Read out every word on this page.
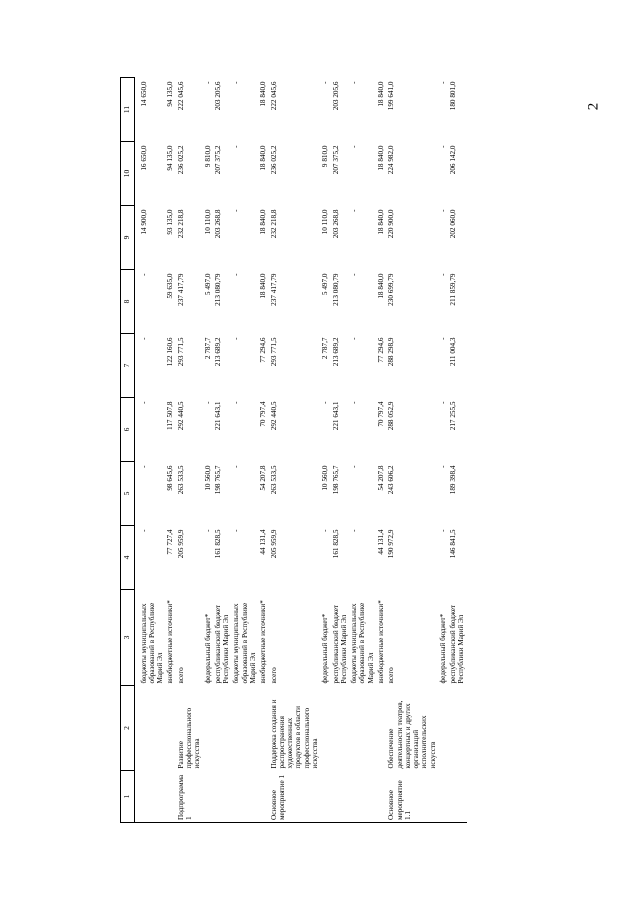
2
1	2	3	4	5	6	7	8	9	10	11
		бюджеты муниципальных образований в Республике Марий Эл	-	-	-	-	-	14 900,0	16 650,0	14 650,0
		внебюджетные источники*	77 727,4	98 645,6	117 507,8	122 160,6	59 635,0	93 135,0	94 135,0	94 135,0
Подпрограмма 1	Развитие профессионального искусства	всего	205 959,9	263 533,5	292 440,5	293 771,5	237 417,79	232 218,8	236 025,2	222 045,6
		федеральный бюджет*	-	10 560,0	-	2 787,7	5 497,0	10 110,0	9 810,0	-
		республиканский бюджет Республики Марий Эл	161 828,5	198 765,7	221 643,1	213 689,2	213 080,79	203 268,8	207 375,2	203 205,6
		бюджеты муниципальных образований в Республике Марий Эл	-	-	-	-	-	-	-	-
		внебюджетные источники*	44 131,4	54 207,8	70 797,4	77 294,6	18 840,0	18 840,0	18 840,0	18 840,0
Основное мероприятие 1	Поддержка создания и распространения художественных продуктов в области профессионального искусства	всего	205 959,9	263 533,5	292 440,5	293 771,5	237 417,79	232 218,8	236 025,2	222 045,6
		федеральный бюджет*	-	10 560,0	-	2 787,7	5 497,0	10 110,0	9 810,0	-
		республиканский бюджет Республики Марий Эл	161 828,5	198 765,7	221 643,1	213 689,2	213 080,79	203 268,8	207 375,2	203 205,6
		бюджеты муниципальных образований в Республике Марий Эл	-	-	-	-	-	-	-	-
		внебюджетные источники*	44 131,4	54 207,8	70 797,4	77 294,6	18 840,0	18 840,0	18 840,0	18 840,0
Основное мероприятие 1.1	Обеспечение деятельности театров, концертных и других организаций исполнительских искусств	всего	190 972,9	243 606,2	288 052,9	288 298,9	230 699,79	220 900,0	224 982,0	199 641,0
		федеральный бюджет*	-	-	-	-	-	-	-	-
		республиканский бюджет Республики Марий Эл	146 841,5	189 398,4	217 255,5	211 004,3	211 859,79	202 060,0	206 142,0	180 801,0
